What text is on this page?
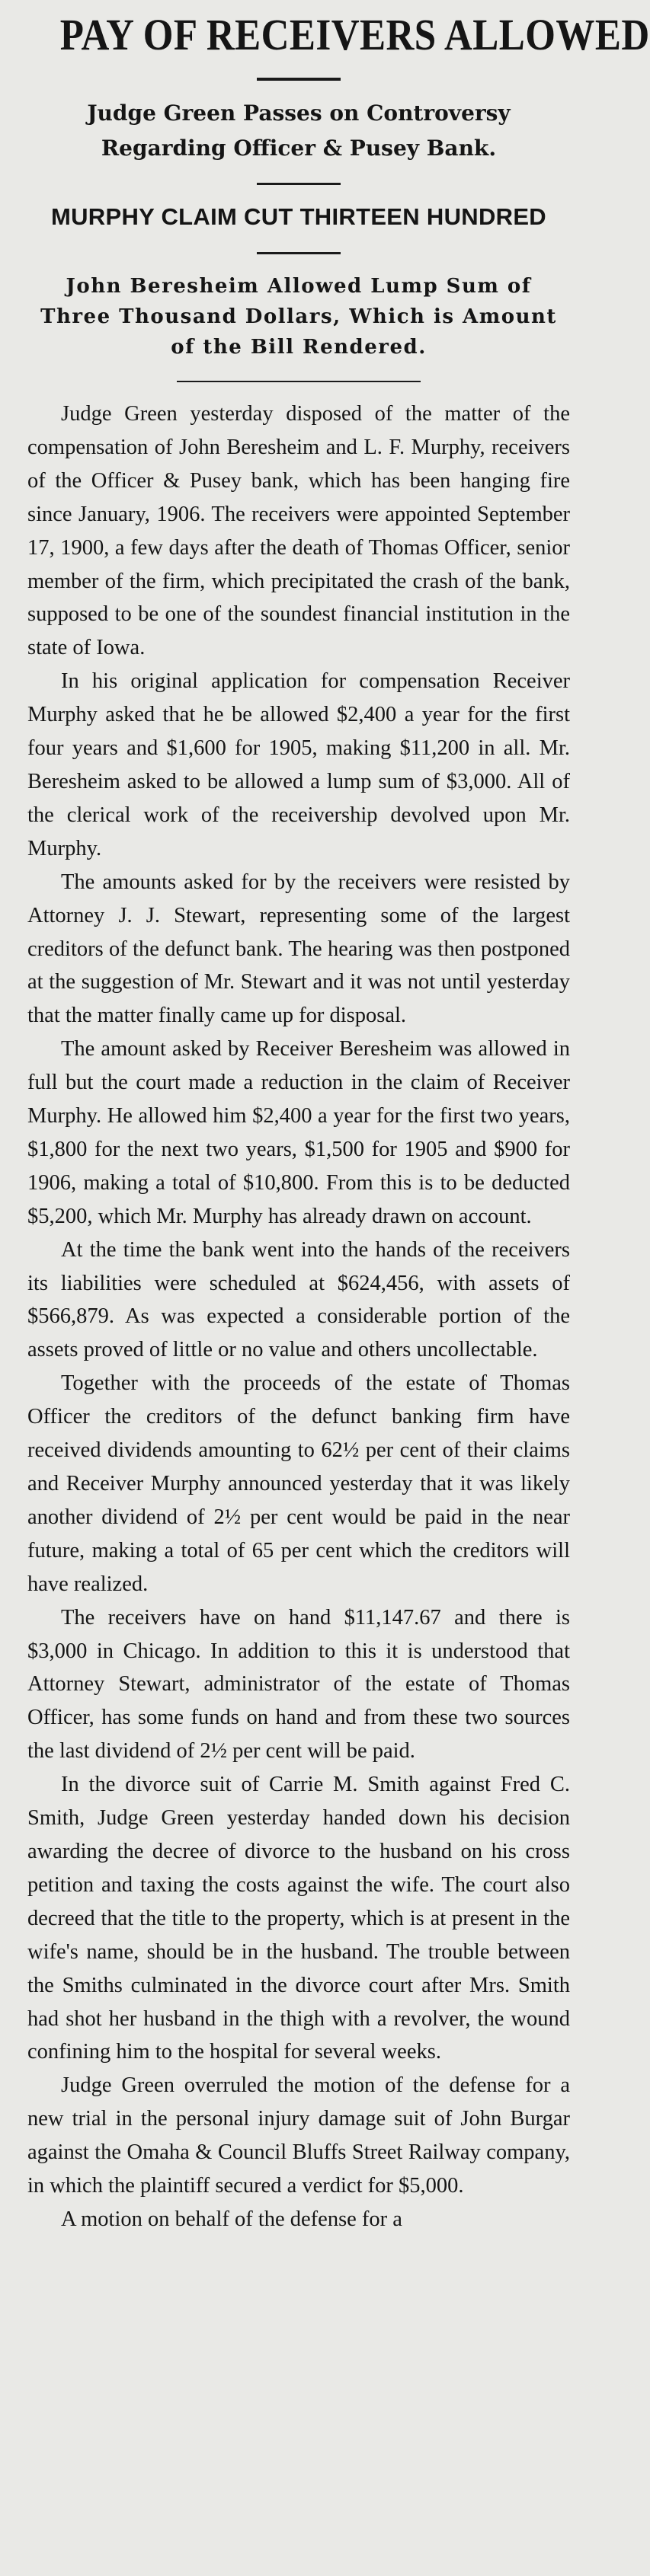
PAY OF RECEIVERS ALLOWED
Judge Green Passes on Controversy Regarding Officer & Pusey Bank.
MURPHY CLAIM CUT THIRTEEN HUNDRED
John Beresheim Allowed Lump Sum of Three Thousand Dollars, Which is Amount of the Bill Rendered.

Judge Green yesterday disposed of the matter of the compensation of John Beresheim and L. F. Murphy, receivers of the Officer & Pusey bank, which has been hanging fire since January, 1906. The receivers were appointed September 17, 1900, a few days after the death of Thomas Officer, senior member of the firm, which precipitated the crash of the bank, supposed to be one of the soundest financial institution in the state of Iowa.

In his original application for compensation Receiver Murphy asked that he be allowed $2,400 a year for the first four years and $1,600 for 1905, making $11,200 in all. Mr. Beresheim asked to be allowed a lump sum of $3,000. All of the clerical work of the receivership devolved upon Mr. Murphy.

The amounts asked for by the receivers were resisted by Attorney J. J. Stewart, representing some of the largest creditors of the defunct bank. The hearing was then postponed at the suggestion of Mr. Stewart and it was not until yesterday that the matter finally came up for disposal.

The amount asked by Receiver Beresheim was allowed in full but the court made a reduction in the claim of Receiver Murphy. He allowed him $2,400 a year for the first two years, $1,800 for the next two years, $1,500 for 1905 and $900 for 1906, making a total of $10,800. From this is to be deducted $5,200, which Mr. Murphy has already drawn on account.

At the time the bank went into the hands of the receivers its liabilities were scheduled at $624,456, with assets of $566,879. As was expected a considerable portion of the assets proved of little or no value and others uncollectable.

Together with the proceeds of the estate of Thomas Officer the creditors of the defunct banking firm have received dividends amounting to 62½ per cent of their claims and Receiver Murphy announced yesterday that it was likely another dividend of 2½ per cent would be paid in the near future, making a total of 65 per cent which the creditors will have realized.

The receivers have on hand $11,147.67 and there is $3,000 in Chicago. In addition to this it is understood that Attorney Stewart, administrator of the estate of Thomas Officer, has some funds on hand and from these two sources the last dividend of 2½ per cent will be paid.

In the divorce suit of Carrie M. Smith against Fred C. Smith, Judge Green yesterday handed down his decision awarding the decree of divorce to the husband on his cross petition and taxing the costs against the wife. The court also decreed that the title to the property, which is at present in the wife's name, should be in the husband. The trouble between the Smiths culminated in the divorce court after Mrs. Smith had shot her husband in the thigh with a revolver, the wound confining him to the hospital for several weeks.

Judge Green overruled the motion of the defense for a new trial in the personal injury damage suit of John Burgar against the Omaha & Council Bluffs Street Railway company, in which the plaintiff secured a verdict for $5,000.

A motion on behalf of the defense for a
